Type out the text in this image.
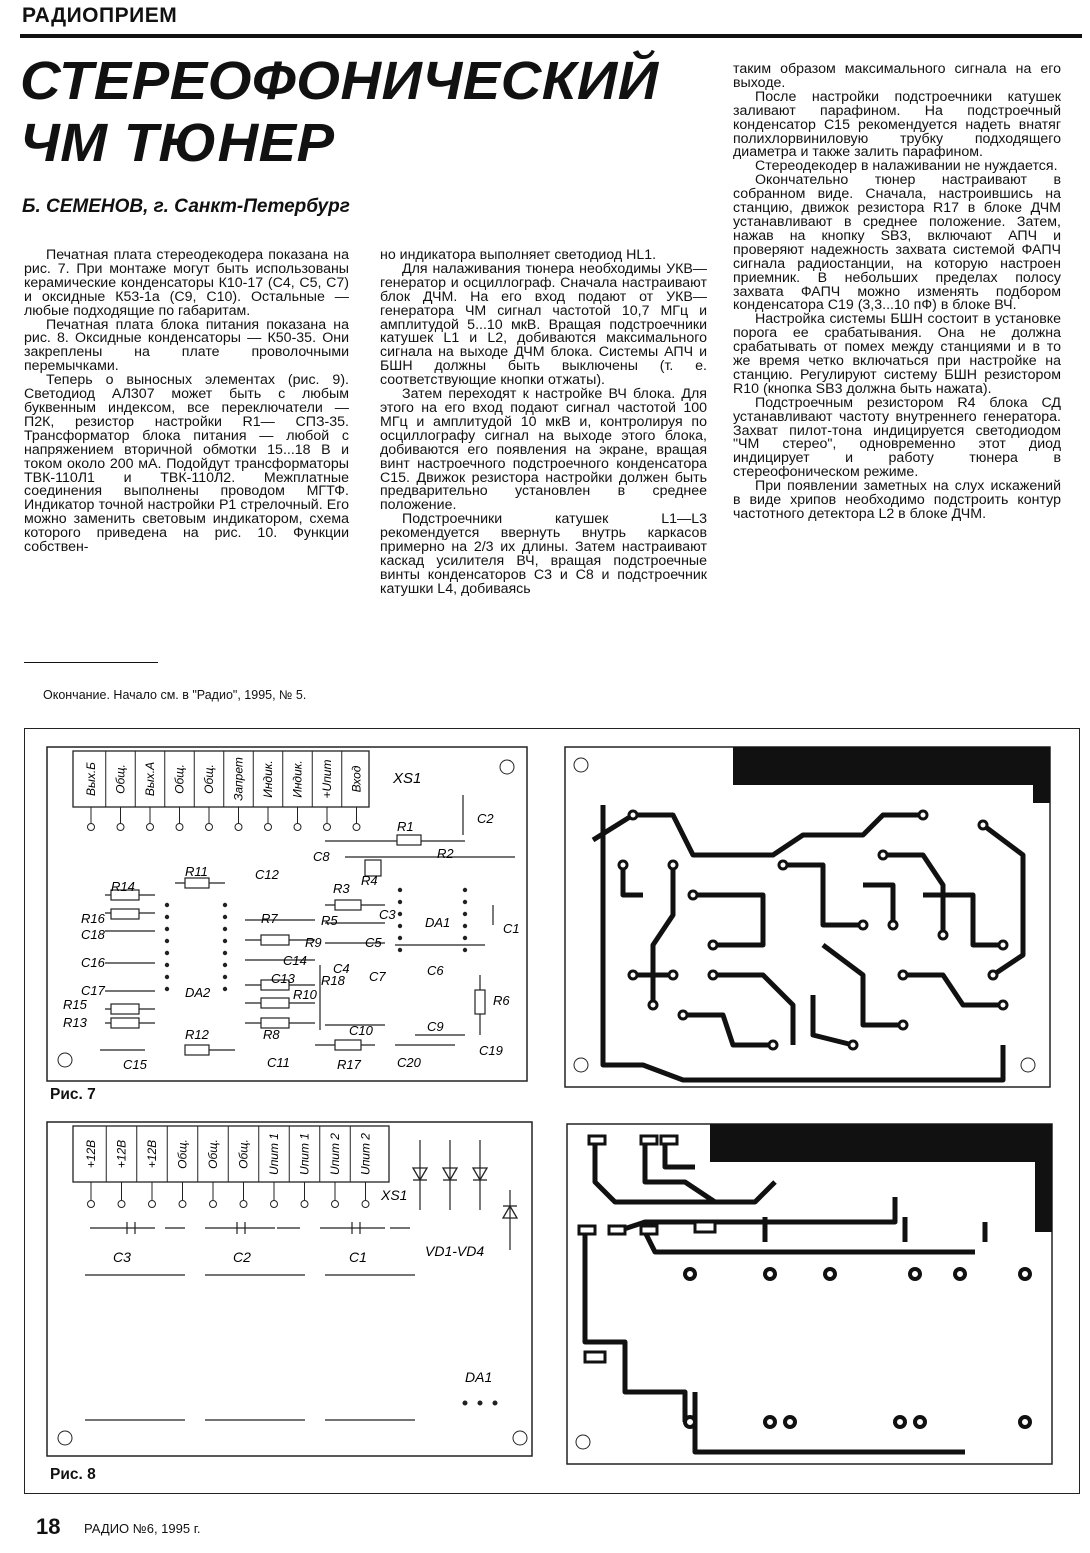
РАДИОПРИЕМ
СТЕРЕОФОНИЧЕСКИЙ
ЧМ ТЮНЕР
Б. СЕМЕНОВ, г. Санкт-Петербург

Печатная плата стереодекодера показана на рис. 7. При монтаже могут быть использованы керамические конденсаторы К10-17 (С4, С5, С7) и оксидные К53-1а (С9, С10). Остальные — любые подходящие по габаритам.

Печатная плата блока питания показана на рис. 8. Оксидные конденсаторы — К50-35. Они закреплены на плате проволочными перемычками.

Теперь о выносных элементах (рис. 9). Светодиод АЛ307 может быть с любым буквенным индексом, все переключатели — П2К, резистор настройки R1— СПЗ-35. Трансформатор блока питания — любой с напряжением вторичной обмотки 15...18 В и током около 200 мА. Подойдут трансформаторы ТВК-110Л1 и ТВК-110Л2. Межплатные соединения выполнены проводом МГТФ. Индикатор точной настройки Р1 стрелочный. Его можно заменить световым индикатором, схема которого приведена на рис. 10. Функции собствен-

Окончание. Начало см. в "Радио", 1995, № 5.

но индикатора выполняет светодиод HL1.

Для налаживания тюнера необходимы УКВ—генератор и осциллограф. Сначала настраивают блок ДЧМ. На его вход подают от УКВ—генератора ЧМ сигнал частотой 10,7 МГц и амплитудой 5...10 мкВ. Вращая подстроечники катушек L1 и L2, добиваются максимального сигнала на выходе ДЧМ блока. Системы АПЧ и БШН должны быть выключены (т. е. соответствующие кнопки отжаты).

Затем переходят к настройке ВЧ блока. Для этого на его вход подают сигнал частотой 100 МГц и амплитудой 10 мкВ и, контролируя по осциллографу сигнал на выходе этого блока, добиваются его появления на экране, вращая винт настроечного подстроечного конденсатора С15. Движок резистора настройки должен быть предварительно установлен в среднее положение.

Подстроечники катушек L1—L3 рекомендуется ввернуть внутрь каркасов примерно на 2/3 их длины. Затем настраивают каскад усилителя ВЧ, вращая подстроечные винты конденсаторов С3 и С8 и подстроечник катушки L4, добиваясь

таким образом максимального сигнала на его выходе.

После настройки подстроечники катушек заливают парафином. На подстроечный конденсатор С15 рекомендуется надеть внатяг полихлорвиниловую трубку подходящего диаметра и также залить парафином.

Стереодекодер в налаживании не нуждается.

Окончательно тюнер настраивают в собранном виде. Сначала, настроившись на станцию, движок резистора R17 в блоке ДЧМ устанавливают в среднее положение. Затем, нажав на кнопку SB3, включают АПЧ и проверяют надежность захвата системой ФАПЧ сигнала радиостанции, на которую настроен приемник. В небольших пределах полосу захвата ФАПЧ можно изменять подбором конденсатора С19 (3,3...10 пФ) в блоке ВЧ.

Настройка системы БШН состоит в установке порога ее срабатывания. Она не должна срабатывать от помех между станциями и в то же время четко включаться при настройке на станцию. Регулируют систему БШН резистором R10 (кнопка SB3 должна быть нажата).

Подстроечным резистором R4 блока СД устанавливают частоту внутреннего генератора. Захват пилот-тона индицируется светодиодом "ЧМ стерео", одновременно этот диод индицирует и работу тюнера в стереофоническом режиме.

При появлении заметных на слух искажений в виде хрипов необходимо подстроить контур частотного детектора L2 в блоке ДЧМ.

Вых.Б Общ. Вых.А Общ. Общ. Запрет Индик. Индик. +Uпит Вход XS1
C2
R1
C8	R2
R11	C12
R3
R4
R14
R16
C18
R7	R5	C3
DA1	C1
R9	C5
C16	C14
C4
C7	C6
C17	DA2
C13
R10
R18
R6
R15
R13
R8	C10	C9
R12
C11	R17	C20
C19
C15
Рис. 7
+12В +12В +12В Общ. Общ. Общ. Uпит 1 Uпит 1 Uпит 2 Uпит 2
XS1
C3	C2	C1	VD1-VD4
DA1
Рис. 8
18 РАДИО №6, 1995 г.
